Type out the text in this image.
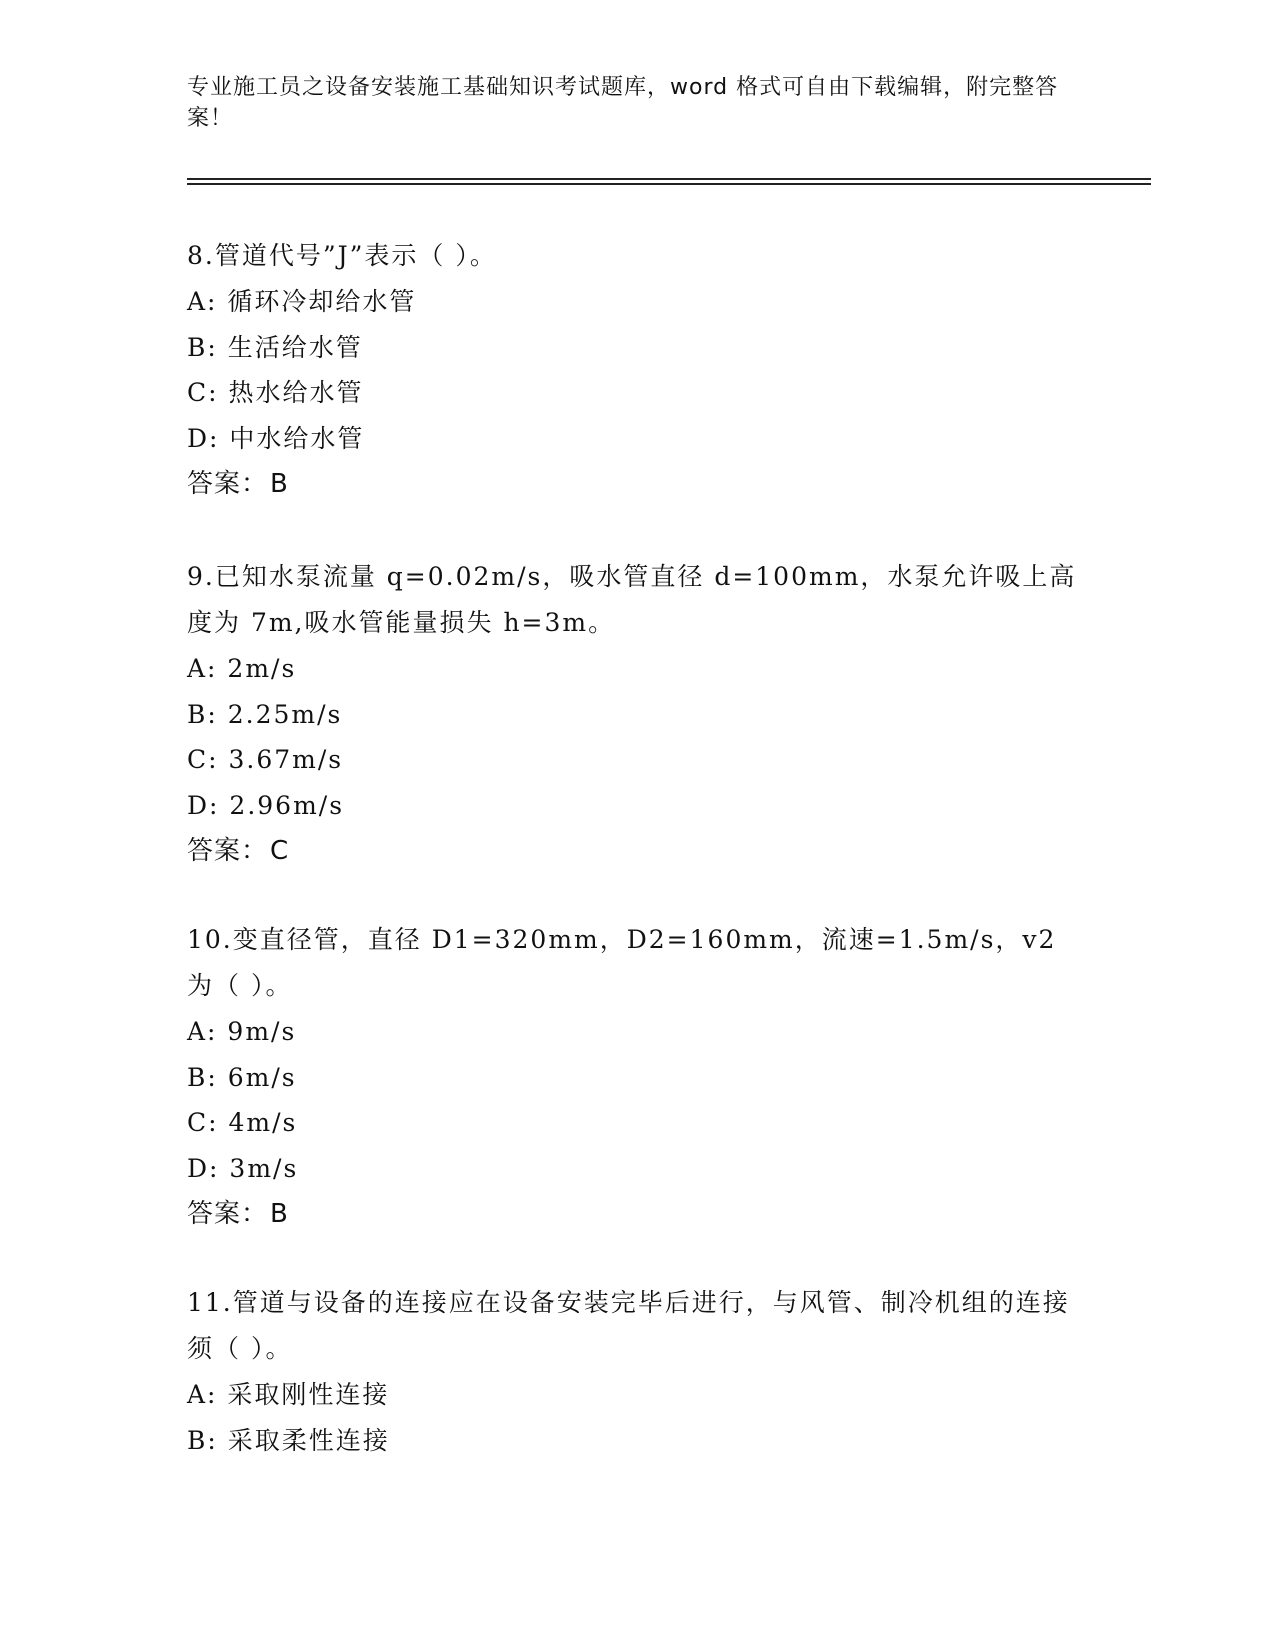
专业施工员之设备安装施工基础知识考试题库，word 格式可自由下载编辑，附完整答案！

8.管道代号”J”表示（ ）。

A: 循环冷却给水管

B: 生活给水管

C: 热水给水管

D: 中水给水管

答案：B

9.已知水泵流量 q=0.02m/s，吸水管直径 d=100mm，水泵允许吸上高度为 7m,吸水管能量损失 h=3m。

A: 2m/s

B: 2.25m/s

C: 3.67m/s

D: 2.96m/s

答案：C

10.变直径管，直径 D1=320mm，D2=160mm，流速=1.5m/s，v2 为（ ）。

A: 9m/s

B: 6m/s

C: 4m/s

D: 3m/s

答案：B

11.管道与设备的连接应在设备安装完毕后进行，与风管、制冷机组的连接须（ ）。

A: 采取刚性连接

B: 采取柔性连接
